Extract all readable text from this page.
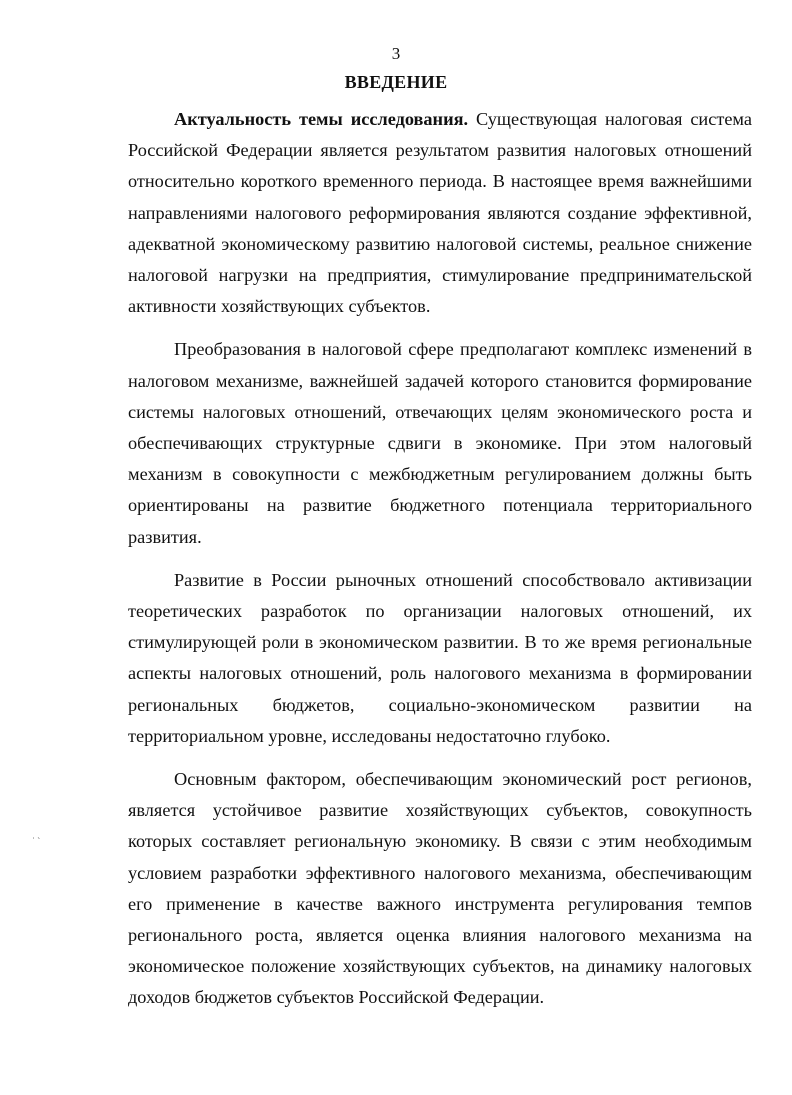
3
ВВЕДЕНИЕ

Актуальность темы исследования. Существующая налоговая система Российской Федерации является результатом развития налоговых отношений относительно короткого временного периода. В настоящее время важнейшими направлениями налогового реформирования являются создание эффективной, адекватной экономическому развитию налоговой системы, реальное снижение налоговой нагрузки на предприятия, стимулирование предпринимательской активности хозяйствующих субъектов.

Преобразования в налоговой сфере предполагают комплекс изменений в налоговом механизме, важнейшей задачей которого становится формирование системы налоговых отношений, отвечающих целям экономического роста и обеспечивающих структурные сдвиги в экономике. При этом налоговый механизм в совокупности с межбюджетным регулированием должны быть ориентированы на развитие бюджетного потенциала территориального развития.

Развитие в России рыночных отношений способствовало активизации теоретических разработок по организации налоговых отношений, их стимулирующей роли в экономическом развитии. В то же время региональные аспекты налоговых отношений, роль налогового механизма в формировании региональных бюджетов, социально-экономическом развитии на территориальном уровне, исследованы недостаточно глубоко.

Основным фактором, обеспечивающим экономический рост регионов, является устойчивое развитие хозяйствующих субъектов, совокупность которых составляет региональную экономику. В связи с этим необходимым условием разработки эффективного налогового механизма, обеспечивающим его применение в качестве важного инструмента регулирования темпов регионального роста, является оценка влияния налогового механизма на экономическое положение хозяйствующих субъектов, на динамику налоговых доходов бюджетов субъектов Российской Федерации.

˙ ˋ
